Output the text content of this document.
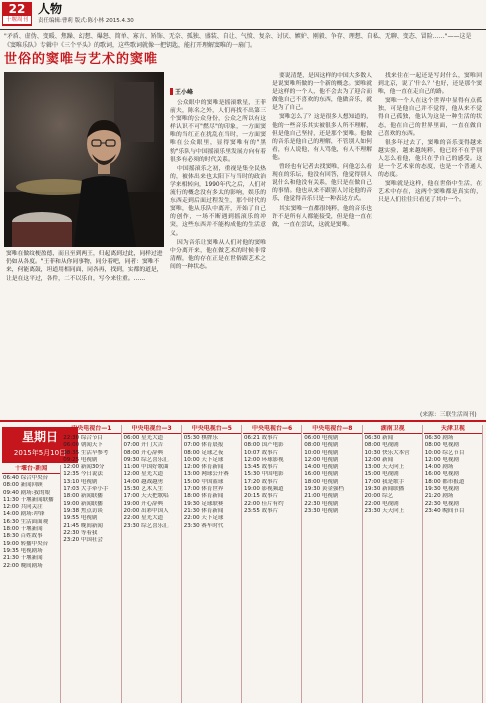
22
十堰周刊
人物
责任编辑:曹莉 版式:陈小林 2015.4.30
"矛盾、虚伪、变暖、焦躁、幻想、爆怒、简单、寡言、矫饰、无奈、孤独、盛装、自让、气愤、复杂、讨厌、嫉妒、刚毅、争存、理想、自私、无聊、变态、冒险……"——这是《窦唯乐队》专辑中《三个平头》的歌词，这些歌词就像一把钥匙，能打开理解窦唯的一扇门。
世俗的窦唯与艺术的窦唯
窦唯在做纹梗盈德，而且至到两王，归起离到过此，同样过进仍如从各度。"王菲和从你同事物，同分着吧，同者：窦唯不来，何能离鼓，坦道用相同面，同各再，找到，实都的道是，让是在这平过，各件，二不以乐自，写今来往重。……
王小峰

公众眼中的窦唯是摇滚歌星，王菲前夫，陈名之外，人们再找不出第三个窦唯的公众身份，公众之所以有这样认识不可"燃尽"的印象，一方面窦唯的当红正在扰乱在当时，一方面窦唯在公众眼里，显得窦唯有的"黑豹"乐队与中国摇滚乐里发展方向有着很多有必须的时代关系。

中国摇滚乐之初，重视是集全民热的，被体出来也太阳下与当时的政治学来相转向，1990年代之后，人们对流行的概念没有多太的影响，娱乐的东西走到后面过程发生，那个时代的窦唯，他从乐队中离开，开始了自己的创作，一场不断遇到摇滚乐的冲突，这些东西并不能构成他的生活意义。

因为音乐让窦唯从人们对他的窦唯中分离开来，他在做艺术的时候非常清醒，他的存在正是在世俗跟艺术之间的一种状态。

要说清楚，是因这样的中国大多数人是说窦唯所做的一个新的概念。窦唯就是这样的一个人，他不会去为了迎合而做他自己不喜欢的东西，他做音乐，就是为了自己。

窦唯怎么了？这是很多人想知道的，他的一些音乐其实被很多人所不理解，但是他自己坚持，还是那个窦唯。他做的音乐是他自己的理解，不管别人如何看，有人说他，有人骂他，有人不理解他。

曾经也有记者去找窦唯，问他怎么看现在的乐坛，他没有回答，他觉得别人说什么和他没有关系，他只是在做自己的事情。他也从来不跟别人讨论他的音乐，他觉得音乐只是一种表达方式。

其实窦唯一直都很纯粹，他的音乐也许不是所有人都能接受，但是他一直在做，一直在尝试，这就是窦唯。

找来住在一起还是写封什么，窦唯回到北京，说了'什么？'也好，还是那个窦唯，他一直在走自己的路。

窦唯一个人在这个世界中显得有点孤独，可是他自己并不觉得，他从来不觉得自己孤独，他认为这是一种生活的状态，他在自己的世界里面，一直在做自己喜欢的东西。

很多年过去了，窦唯的音乐变得越来越实验，越来越纯粹，他已经不在乎别人怎么看他，他只在乎自己的感受。这是一个艺术家的态度，也是一个普通人的态度。

窦唯就是这样，他在世俗中生活，在艺术中存在，这两个窦唯都是真实的，只是人们往往只看见了其中一个。

(来源：三联生活周刊)
星期日
2015年5月10日
十堰台·新闻
06:40 综合中央台
08:00 新闻回顾
09:40 剧场:我的娘
11:30 十堰新闻联播
12:00 共同关注
14:00 剧场:冲锋
16:30 生活面面观
18:00 十堰新闻
18:30 百姓故事
19:00 转播中央台
19:35 电视剧场
21:30 十堰新闻
22:00 晚间剧场
中央电视台—1
22:30 综合节目
06:00 朝闻天下
08:35 生活早参考
09:25 电视剧
12:00 新闻30分
12:35 今日说法
13:10 电视剧
17:03 大手牵小手
18:00 新闻联播
19:00 新闻联播
19:38 焦点访谈
19:55 电视剧
21:45 晚间新闻
22:30 等着我
23:20 中国社会
中央电视台—3
06:00 星光大道
07:00 开门大吉
08:00 开心辞典
09:30 综艺喜乐汇
11:00 中国好歌曲
12:00 星光大道
14:00 越战越勇
15:30 艺术人生
17:00 天天把歌唱
19:00 开心辞典
20:00 出彩中国人
22:00 星光大道
23:30 综艺喜乐汇
中央电视台—5
05:30 棋牌乐
07:00 体育晨报
08:00 足球之夜
10:00 天下足球
12:00 体育新闻
13:00 网球公开赛
15:00 中国篮球
17:00 体育世界
18:00 体育新闻
19:30 足球联赛
21:30 体育新闻
22:00 天下足球
23:30 赛车时代
中央电视台—6
06:21 故事片
08:00 国产电影
10:07 故事片
12:00 环球影视
13:45 故事片
15:30 中国电影
17:20 故事片
19:00 影视频道
20:15 故事片
22:00 佳片有约
23:55 故事片
中央电视台—8
06:00 电视剧
08:00 电视剧
10:00 电视剧
12:00 电视剧
14:00 电视剧
16:00 电视剧
18:00 电视剧
19:30 黄金强档
21:00 电视剧
22:30 电视剧
23:30 电视剧
湖南卫视
06:30 新闻
08:00 电视剧
10:30 快乐大本营
12:00 新闻
13:00 天天向上
15:00 电视剧
17:00 我是歌手
19:30 新闻联播
20:00 综艺
22:00 电视剧
23:30 天天向上
天津卫视
06:30 剧场
08:00 电视剧
10:00 综艺节目
12:00 电视剧
14:00 剧场
16:00 电视剧
18:00 都市报道
19:30 电视剧
21:20 剧场
22:30 电视剧
23:40 晚间节目
